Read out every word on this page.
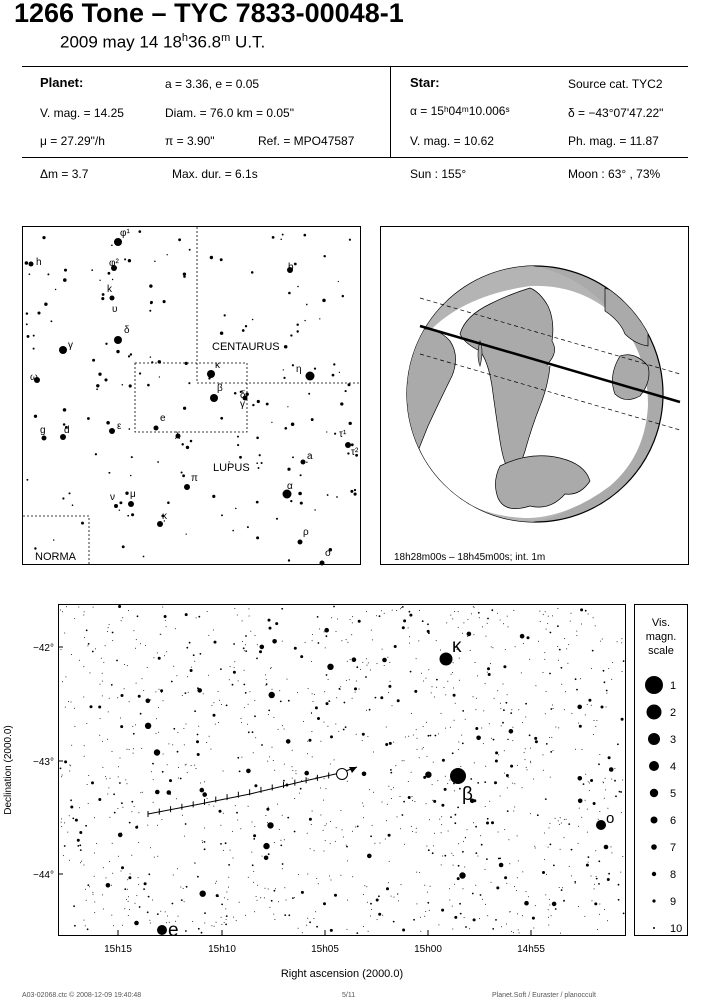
1266 Tone – TYC 7833-00048-1
2009 may 14 18$^h$36.8$^m$ U.T.
Planet:	a = 3.36, e = 0.05
V. mag. = 14.25	Diam. = 76.0 km = 0.05"
μ = 27.29"/h	π = 3.90"	Ref. = MPO47587
Star:	Source cat. TYC2
α = 15ʰ04ᵐ10.006ˢ	δ = −43°07'47.22"
V. mag. = 10.62	Ph. mag. = 11.87
Δm = 3.7	Max. dur. = 6.1s	Sun : 155°	Moon : 63° , 73%
φ¹
φ²
k
υ
δ
γ
ω
h	b
κ	η
β
δ
γ
e
λ
ε
d
g	τ¹
τ²
a
π
α
ν μ
κ
ρ
σ
CENTAURUS
LUPUS
NORMA	18h28m00s – 18h45m00s; int. 1m
κ
β
o
e
15h15	15h10	15h05	15h00	14h55
−42°
−43°
−44°
Right ascension (2000.0)
Declination (2000.0)
Vis.
magn.
scale
1
2
3
4
5
6
7
8
9
10
A03-02068.ctc © 2008-12-09 19:40:48	5/11	Planet.Soft / Euraster / planoccult
